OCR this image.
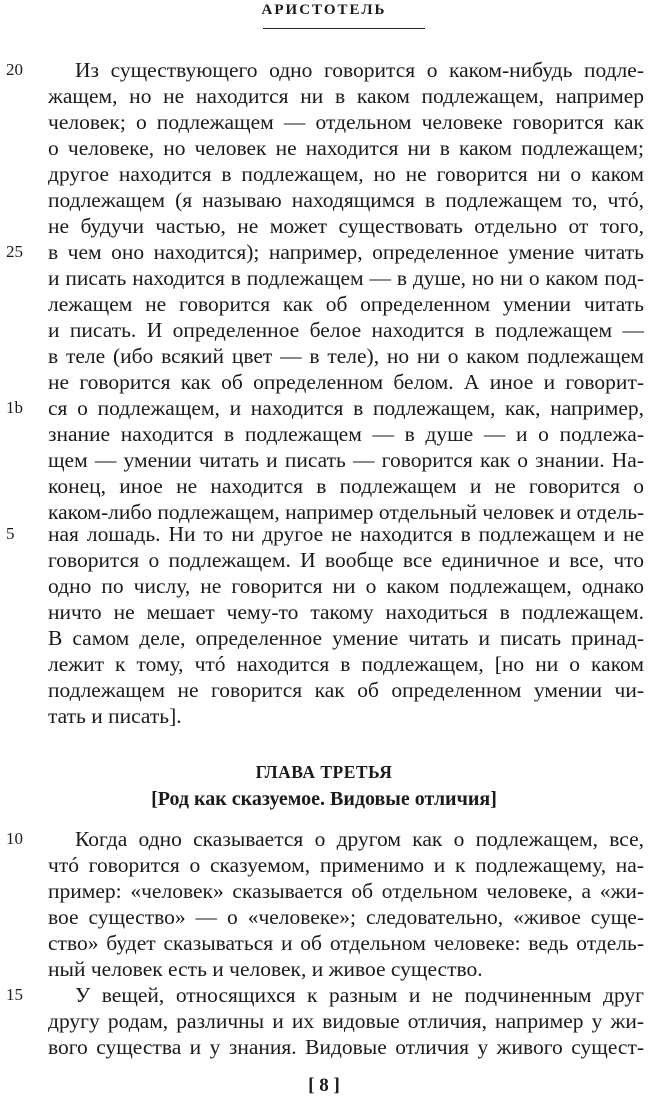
АРИСТОТЕЛЬ
20
25
1b
5
10
15
Из существующего одно говорится о каком-нибудь подле-
жащем, но не находится ни в каком подлежащем, например
человек; о подлежащем — отдельном человеке говорится как
о человеке, но человек не находится ни в каком подлежащем;
другое находится в подлежащем, но не говорится ни о каком
подлежащем (я называю находящимся в подлежащем то, чтó,
не будучи частью, не может существовать отдельно от того,
в чем оно находится); например, определенное умение читать
и писать находится в подлежащем — в душе, но ни о каком под-
лежащем не говорится как об определенном умении читать
и писать. И определенное белое находится в подлежащем —
в теле (ибо всякий цвет — в теле), но ни о каком подлежащем
не говорится как об определенном белом. А иное и говорит-
ся о подлежащем, и находится в подлежащем, как, например,
знание находится в подлежащем — в душе — и о подлежа-
щем — умении читать и писать — говорится как о знании. На-
конец, иное не находится в подлежащем и не говорится о
каком-либо подлежащем, например отдельный человек и отдель-
ная лошадь. Ни то ни другое не находится в подлежащем и не
говорится о подлежащем. И вообще все единичное и все, что
одно по числу, не говорится ни о каком подлежащем, однако
ничто не мешает чему-то такому находиться в подлежащем.
В самом деле, определенное умение читать и писать принад-
лежит к тому, чтó находится в подлежащем, [но ни о каком
подлежащем не говорится как об определенном умении чи-
тать и писать].
ГЛАВА ТРЕТЬЯ
[Род как сказуемое. Видовые отличия]
Когда одно сказывается о другом как о подлежащем, все,
чтó говорится о сказуемом, применимо и к подлежащему, на-
пример: «человек» сказывается об отдельном человеке, а «жи-
вое существо» — о «человеке»; следовательно, «живое суще-
ство» будет сказываться и об отдельном человеке: ведь отдель-
ный человек есть и человек, и живое существо.
У вещей, относящихся к разным и не подчиненным друг
другу родам, различны и их видовые отличия, например у жи-
вого существа и у знания. Видовые отличия у живого сущест-
[ 8 ]
